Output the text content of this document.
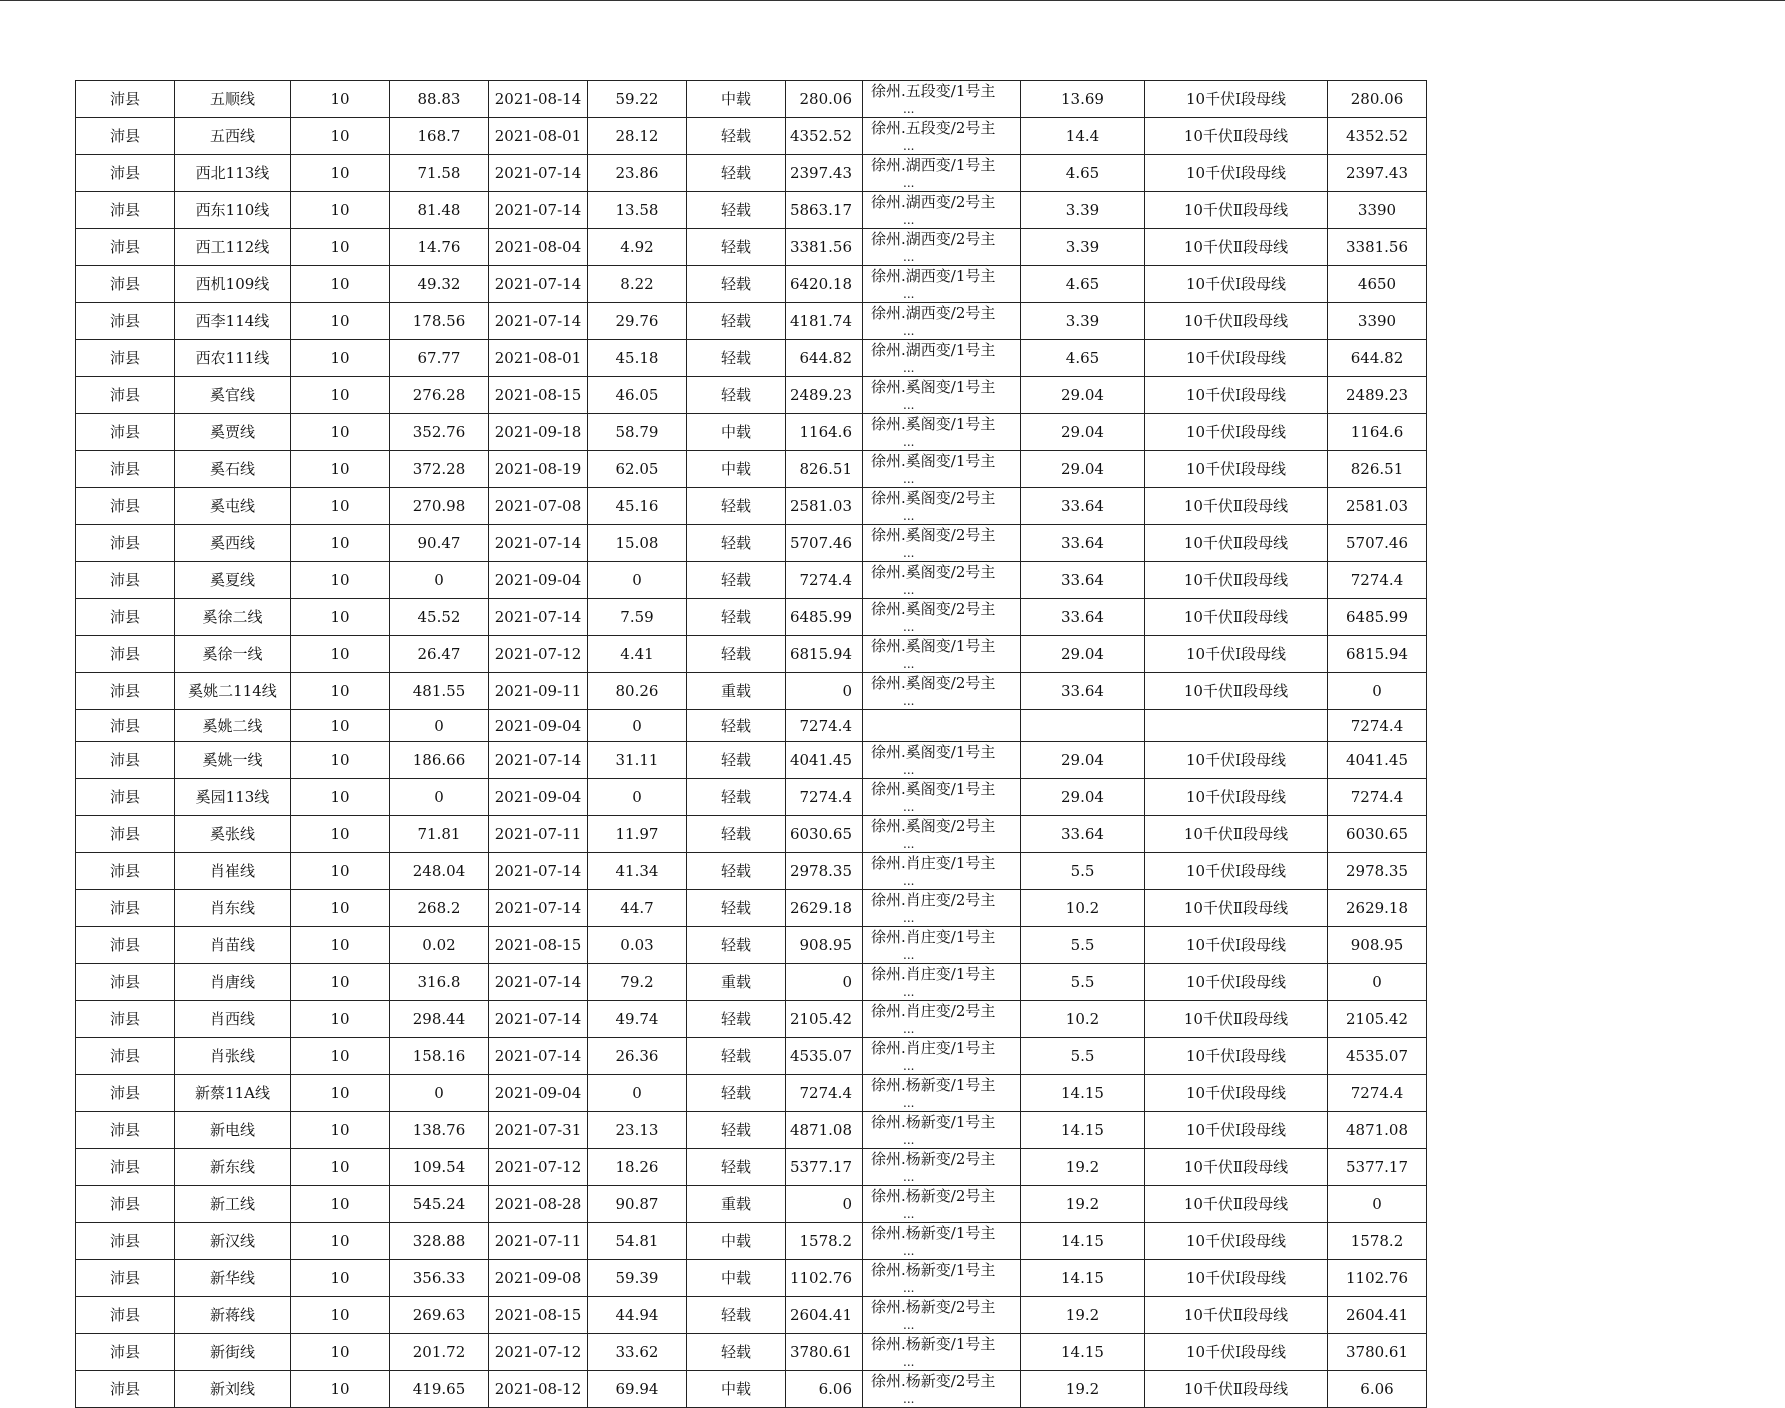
沛县	五顺线	10	88.83	2021-08-14	59.22	中载	280.06	徐州.五段变/1号主
...	13.69	10千伏Ⅰ段母线	280.06
沛县	五西线	10	168.7	2021-08-01	28.12	轻载	4352.52	徐州.五段变/2号主
...	14.4	10千伏Ⅱ段母线	4352.52
沛县	西北113线	10	71.58	2021-07-14	23.86	轻载	2397.43	徐州.湖西变/1号主
...	4.65	10千伏Ⅰ段母线	2397.43
沛县	西东110线	10	81.48	2021-07-14	13.58	轻载	5863.17	徐州.湖西变/2号主
...	3.39	10千伏Ⅱ段母线	3390
沛县	西工112线	10	14.76	2021-08-04	4.92	轻载	3381.56	徐州.湖西变/2号主
...	3.39	10千伏Ⅱ段母线	3381.56
沛县	西机109线	10	49.32	2021-07-14	8.22	轻载	6420.18	徐州.湖西变/1号主
...	4.65	10千伏Ⅰ段母线	4650
沛县	西李114线	10	178.56	2021-07-14	29.76	轻载	4181.74	徐州.湖西变/2号主
...	3.39	10千伏Ⅱ段母线	3390
沛县	西农111线	10	67.77	2021-08-01	45.18	轻载	644.82	徐州.湖西变/1号主
...	4.65	10千伏Ⅰ段母线	644.82
沛县	奚官线	10	276.28	2021-08-15	46.05	轻载	2489.23	徐州.奚阁变/1号主
...	29.04	10千伏Ⅰ段母线	2489.23
沛县	奚贾线	10	352.76	2021-09-18	58.79	中载	1164.6	徐州.奚阁变/1号主
...	29.04	10千伏Ⅰ段母线	1164.6
沛县	奚石线	10	372.28	2021-08-19	62.05	中载	826.51	徐州.奚阁变/1号主
...	29.04	10千伏Ⅰ段母线	826.51
沛县	奚屯线	10	270.98	2021-07-08	45.16	轻载	2581.03	徐州.奚阁变/2号主
...	33.64	10千伏Ⅱ段母线	2581.03
沛县	奚西线	10	90.47	2021-07-14	15.08	轻载	5707.46	徐州.奚阁变/2号主
...	33.64	10千伏Ⅱ段母线	5707.46
沛县	奚夏线	10	0	2021-09-04	0	轻载	7274.4	徐州.奚阁变/2号主
...	33.64	10千伏Ⅱ段母线	7274.4
沛县	奚徐二线	10	45.52	2021-07-14	7.59	轻载	6485.99	徐州.奚阁变/2号主
...	33.64	10千伏Ⅱ段母线	6485.99
沛县	奚徐一线	10	26.47	2021-07-12	4.41	轻载	6815.94	徐州.奚阁变/1号主
...	29.04	10千伏Ⅰ段母线	6815.94
沛县	奚姚二114线	10	481.55	2021-09-11	80.26	重载	0	徐州.奚阁变/2号主
...	33.64	10千伏Ⅱ段母线	0
沛县	奚姚二线	10	0	2021-09-04	0	轻载	7274.4				7274.4
沛县	奚姚一线	10	186.66	2021-07-14	31.11	轻载	4041.45	徐州.奚阁变/1号主
...	29.04	10千伏Ⅰ段母线	4041.45
沛县	奚园113线	10	0	2021-09-04	0	轻载	7274.4	徐州.奚阁变/1号主
...	29.04	10千伏Ⅰ段母线	7274.4
沛县	奚张线	10	71.81	2021-07-11	11.97	轻载	6030.65	徐州.奚阁变/2号主
...	33.64	10千伏Ⅱ段母线	6030.65
沛县	肖崔线	10	248.04	2021-07-14	41.34	轻载	2978.35	徐州.肖庄变/1号主
...	5.5	10千伏Ⅰ段母线	2978.35
沛县	肖东线	10	268.2	2021-07-14	44.7	轻载	2629.18	徐州.肖庄变/2号主
...	10.2	10千伏Ⅱ段母线	2629.18
沛县	肖苗线	10	0.02	2021-08-15	0.03	轻载	908.95	徐州.肖庄变/1号主
...	5.5	10千伏Ⅰ段母线	908.95
沛县	肖唐线	10	316.8	2021-07-14	79.2	重载	0	徐州.肖庄变/1号主
...	5.5	10千伏Ⅰ段母线	0
沛县	肖西线	10	298.44	2021-07-14	49.74	轻载	2105.42	徐州.肖庄变/2号主
...	10.2	10千伏Ⅱ段母线	2105.42
沛县	肖张线	10	158.16	2021-07-14	26.36	轻载	4535.07	徐州.肖庄变/1号主
...	5.5	10千伏Ⅰ段母线	4535.07
沛县	新蔡11A线	10	0	2021-09-04	0	轻载	7274.4	徐州.杨新变/1号主
...	14.15	10千伏Ⅰ段母线	7274.4
沛县	新电线	10	138.76	2021-07-31	23.13	轻载	4871.08	徐州.杨新变/1号主
...	14.15	10千伏Ⅰ段母线	4871.08
沛县	新东线	10	109.54	2021-07-12	18.26	轻载	5377.17	徐州.杨新变/2号主
...	19.2	10千伏Ⅱ段母线	5377.17
沛县	新工线	10	545.24	2021-08-28	90.87	重载	0	徐州.杨新变/2号主
...	19.2	10千伏Ⅱ段母线	0
沛县	新汉线	10	328.88	2021-07-11	54.81	中载	1578.2	徐州.杨新变/1号主
...	14.15	10千伏Ⅰ段母线	1578.2
沛县	新华线	10	356.33	2021-09-08	59.39	中载	1102.76	徐州.杨新变/1号主
...	14.15	10千伏Ⅰ段母线	1102.76
沛县	新蒋线	10	269.63	2021-08-15	44.94	轻载	2604.41	徐州.杨新变/2号主
...	19.2	10千伏Ⅱ段母线	2604.41
沛县	新街线	10	201.72	2021-07-12	33.62	轻载	3780.61	徐州.杨新变/1号主
...	14.15	10千伏Ⅰ段母线	3780.61
沛县	新刘线	10	419.65	2021-08-12	69.94	中载	6.06	徐州.杨新变/2号主
...	19.2	10千伏Ⅱ段母线	6.06
